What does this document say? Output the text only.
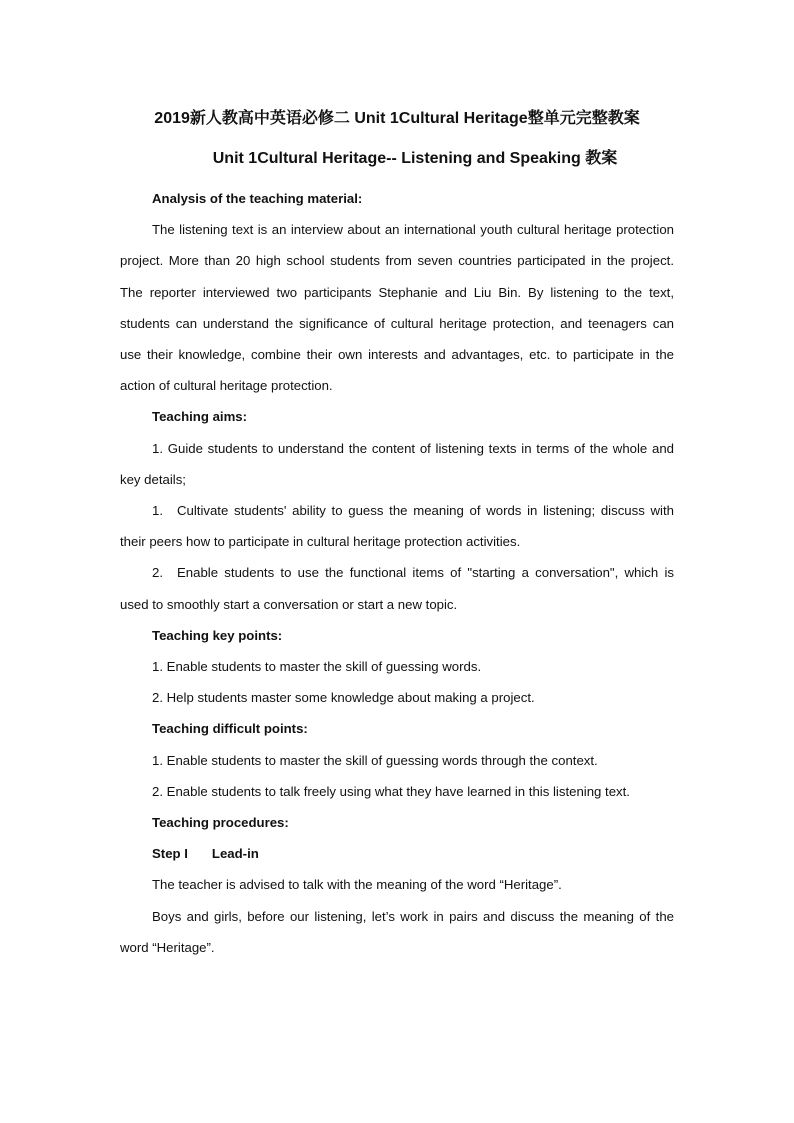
2019新人教高中英语必修二 Unit 1Cultural Heritage整单元完整教案
Unit 1Cultural Heritage-- Listening and Speaking 教案

Analysis of the teaching material:

The listening text is an interview about an international youth cultural heritage protection project. More than 20 high school students from seven countries participated in the project. The reporter interviewed two participants Stephanie and Liu Bin. By listening to the text, students can understand the significance of cultural heritage protection, and teenagers can use their knowledge, combine their own interests and advantages, etc. to participate in the action of cultural heritage protection.

Teaching aims:

1. Guide students to understand the content of listening texts in terms of the whole and key details;

1. Cultivate students' ability to guess the meaning of words in listening; discuss with their peers how to participate in cultural heritage protection activities.

2. Enable students to use the functional items of "starting a conversation", which is used to smoothly start a conversation or start a new topic.

Teaching key points:

1. Enable students to master the skill of guessing words.

2. Help students master some knowledge about making a project.

Teaching difficult points:

1. Enable students to master the skill of guessing words through the context.

2. Enable students to talk freely using what they have learned in this listening text.

Teaching procedures:

Step I Lead-in

The teacher is advised to talk with the meaning of the word “Heritage”.

Boys and girls, before our listening, let’s work in pairs and discuss the meaning of the word “Heritage”.
